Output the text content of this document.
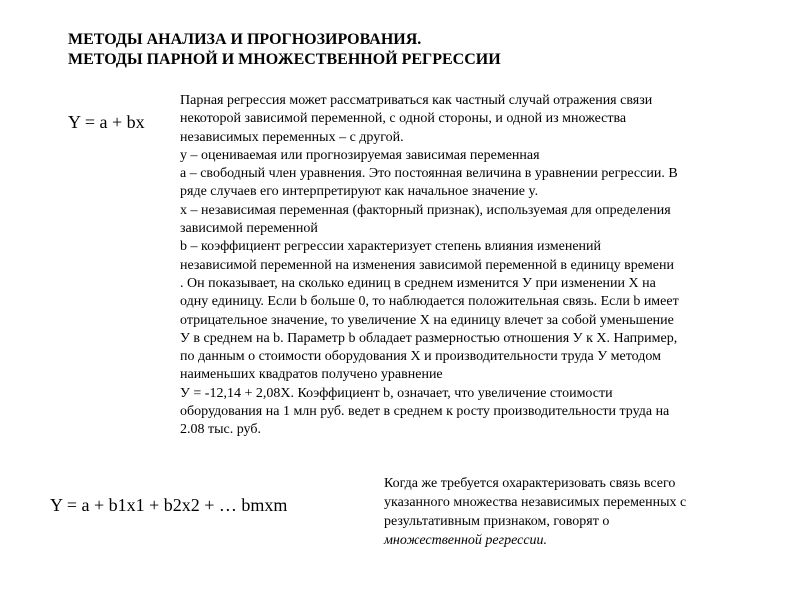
МЕТОДЫ АНАЛИЗА И ПРОГНОЗИРОВАНИЯ.
МЕТОДЫ ПАРНОЙ И МНОЖЕСТВЕННОЙ РЕГРЕССИИ
Y = a + bx
Парная регрессия может рассматриваться как частный случай отражения связи
некоторой зависимой переменной, с одной стороны, и одной из множества
независимых переменных – с другой.
y – оцениваемая или прогнозируемая зависимая переменная
a – свободный член уравнения. Это постоянная величина в уравнении регрессии. В
ряде случаев его интерпретируют как начальное значение y.
x – независимая переменная (факторный признак), используемая для определения
зависимой переменной
b – коэффициент регрессии характеризует степень влияния изменений
независимой переменной на изменения зависимой переменной в единицу времени
. Он показывает, на сколько единиц в среднем изменится У при изменении Х на
одну единицу. Если b больше 0, то наблюдается положительная связь. Если b имеет
отрицательное значение, то увеличение Х на единицу влечет за собой уменьшение
У в среднем на b. Параметр b обладает размерностью отношения У к Х. Например,
по данным о стоимости оборудования Х и производительности труда У методом
наименьших квадратов получено уравнение
У = -12,14 + 2,08Х. Коэффициент b, означает, что увеличение стоимости
оборудования на 1 млн руб. ведет в среднем к росту производительности труда на
2.08 тыс. руб.
Y = a + b1x1 + b2x2 + … bmxm
Когда же требуется охарактеризовать связь всего
указанного множества независимых переменных с
результативным признаком, говорят о
множественной регрессии.
